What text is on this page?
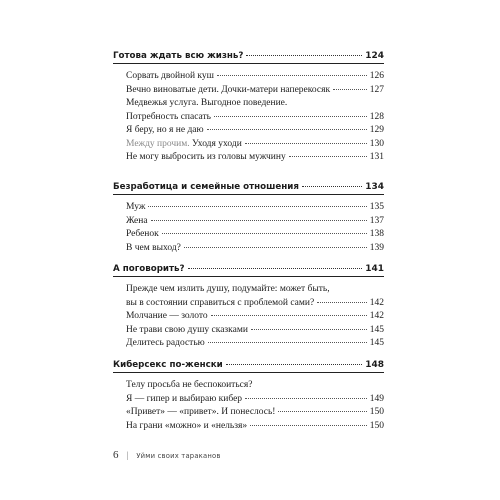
Готова ждать всю жизнь?	124
Сорвать двойной куш	126
Вечно виноватые дети. Дочки-матери наперекосяк	127
Медвежья услуга. Выгодное поведение.
Потребность спасать	128
Я беру, но я не даю	129
Между прочим. Уходя уходи	130
Не могу выбросить из головы мужчину	131
Безработица и семейные отношения	134
Муж	135
Жена	137
Ребенок	138
В чем выход?	139
А поговорить?	141
Прежде чем излить душу, подумайте: может быть,
вы в состоянии справиться с проблемой сами?	142
Молчание — золото	142
Не трави свою душу сказками	145
Делитесь радостью	145
Киберсекс по-женски	148
Телу просьба не беспокоиться?
Я — гипер и выбираю кибер	149
«Привет» — «привет». И понеслось!	150
На грани «можно» и «нельзя»	150
6 | Уйми своих тараканов
